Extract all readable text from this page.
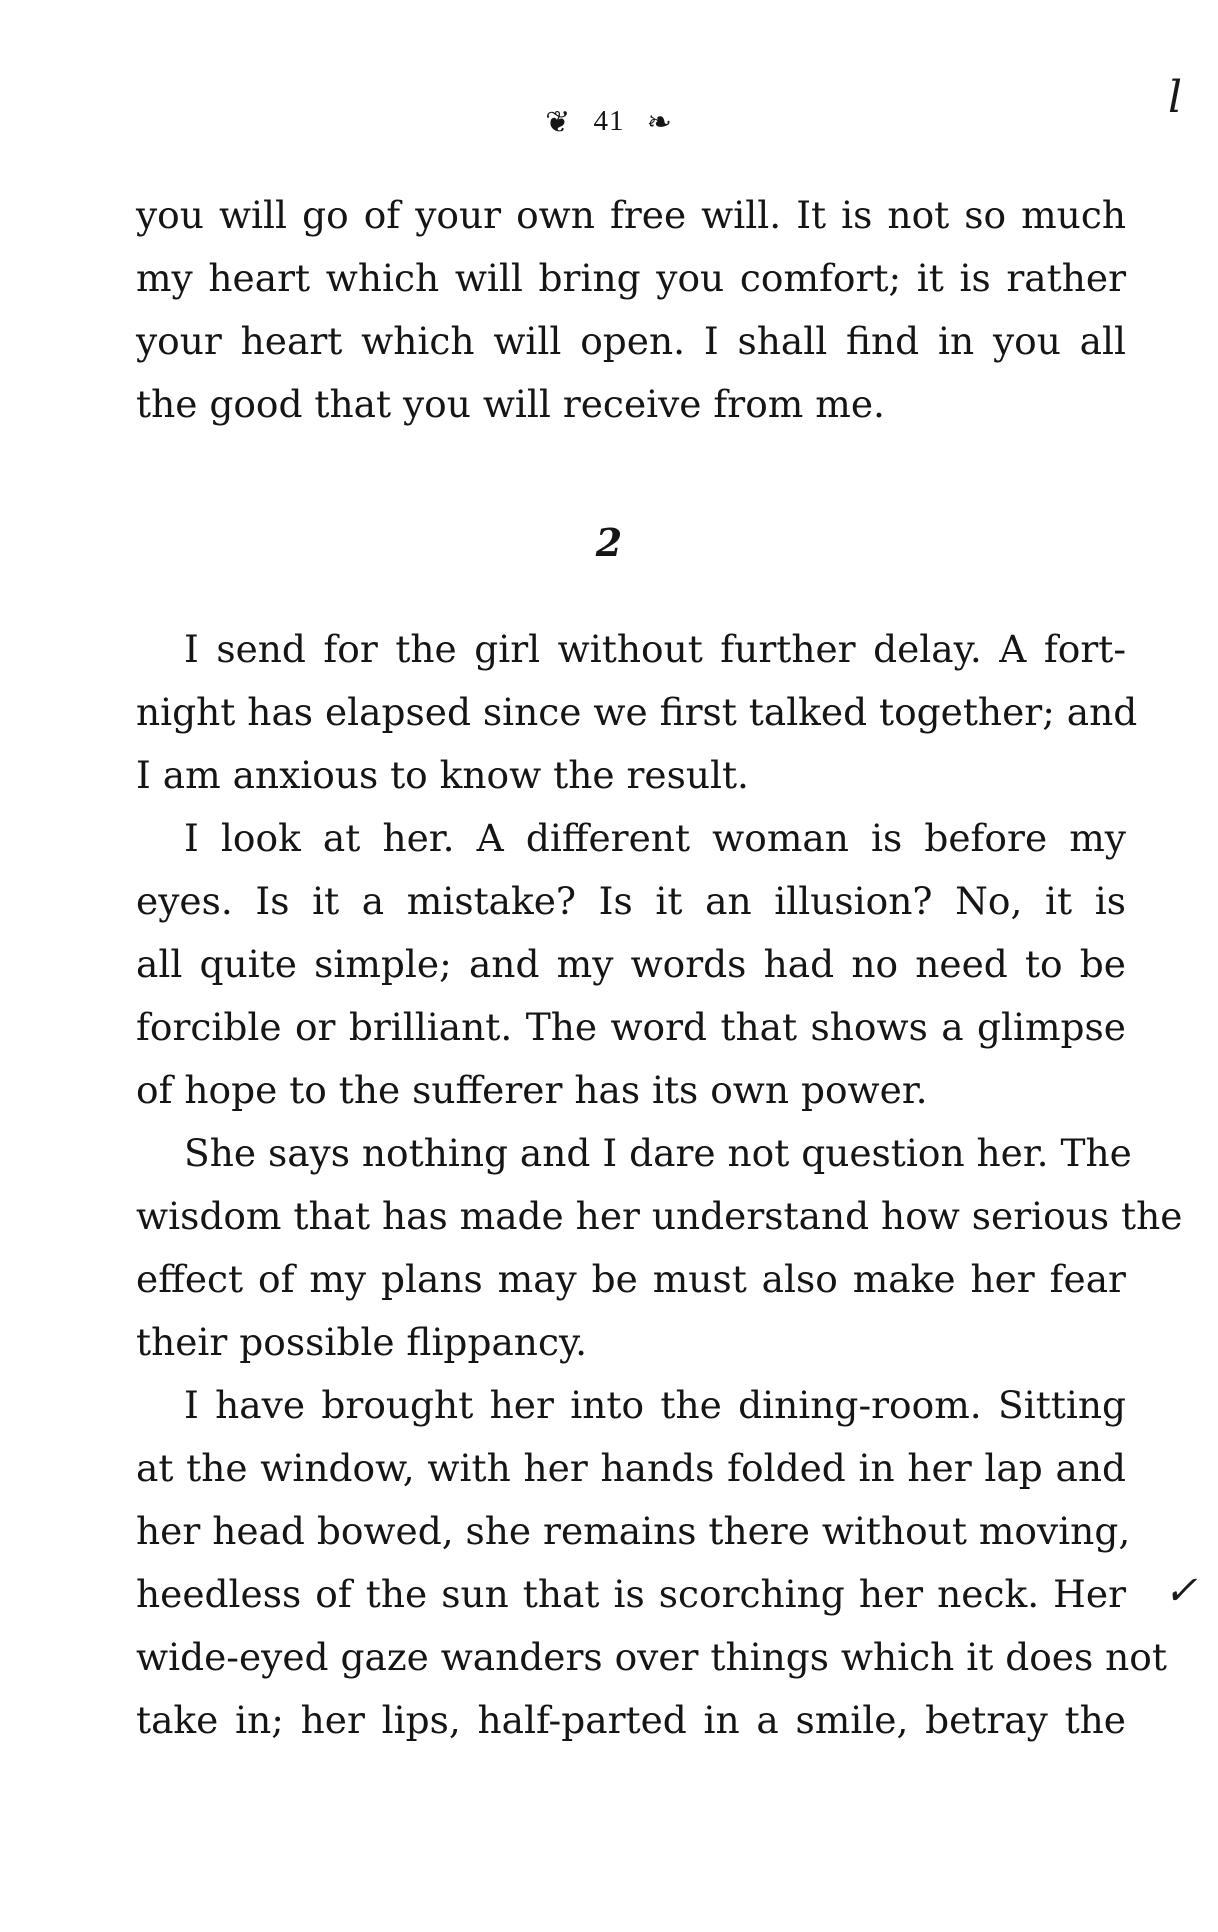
❦ 41 ❧	l
✓
you will go of your own free will. It is not so much
my heart which will bring you comfort; it is rather
your heart which will open. I shall find in you all
the good that you will receive from me.
2
I send for the girl without further delay. A fort-
night has elapsed since we first talked together; and
I am anxious to know the result.
I look at her. A different woman is before my
eyes. Is it a mistake? Is it an illusion? No, it is
all quite simple; and my words had no need to be
forcible or brilliant. The word that shows a glimpse
of hope to the sufferer has its own power.
She says nothing and I dare not question her. The
wisdom that has made her understand how serious the
effect of my plans may be must also make her fear
their possible flippancy.
I have brought her into the dining-room. Sitting
at the window, with her hands folded in her lap and
her head bowed, she remains there without moving,
heedless of the sun that is scorching her neck. Her
wide-eyed gaze wanders over things which it does not
take in; her lips, half-parted in a smile, betray the
